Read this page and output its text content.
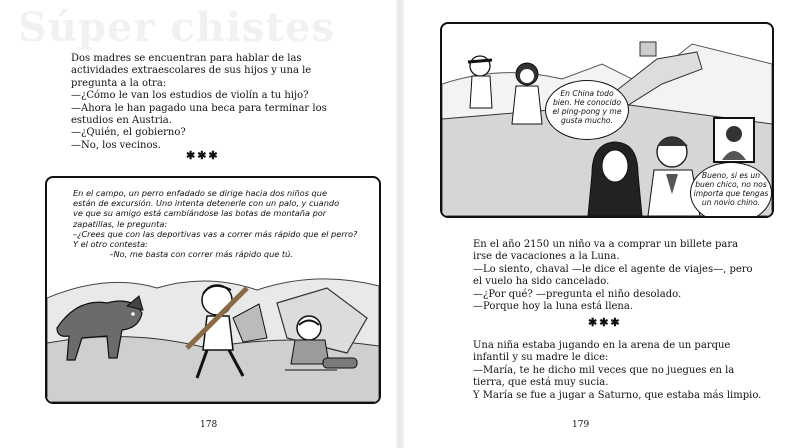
Súper chistes

Dos madres se encuentran para hablar de las

actividades extraescolares de sus hijos y una le

pregunta a la otra:

—¿Cómo le van los estudios de violín a tu hijo?

—Ahora le han pagado una beca para terminar los

estudios en Austria.

—¿Quién, el gobierno?

—No, los vecinos.

✱✱✱

En el campo, un perro enfadado se dirige hacia dos niños que

están de excursión. Uno intenta detenerle con un palo, y cuando

ve que su amigo está cambiándose las botas de montaña por

zapatillas, le pregunta:

–¿Crees que con las deportivas vas a correr más rápido que el perro?

Y el otro contesta:

–No, me basta con correr más rápido que tú.

178

En China todo

bien. He conocido

el ping-pong y me

gusta mucho.

Bueno, si es un

buen chico, no nos

importa que tengas

un novio chino.

En el año 2150 un niño va a comprar un billete para

irse de vacaciones a la Luna.

—Lo siento, chaval —le dice el agente de viajes—, pero

el vuelo ha sido cancelado.

—¿Por qué? —pregunta el niño desolado.

—Porque hoy la luna está llena.

✱✱✱

Una niña estaba jugando en la arena de un parque

infantil y su madre le dice:

—María, te he dicho mil veces que no juegues en la

tierra, que está muy sucia.

Y María se fue a jugar a Saturno, que estaba más limpio.

179
